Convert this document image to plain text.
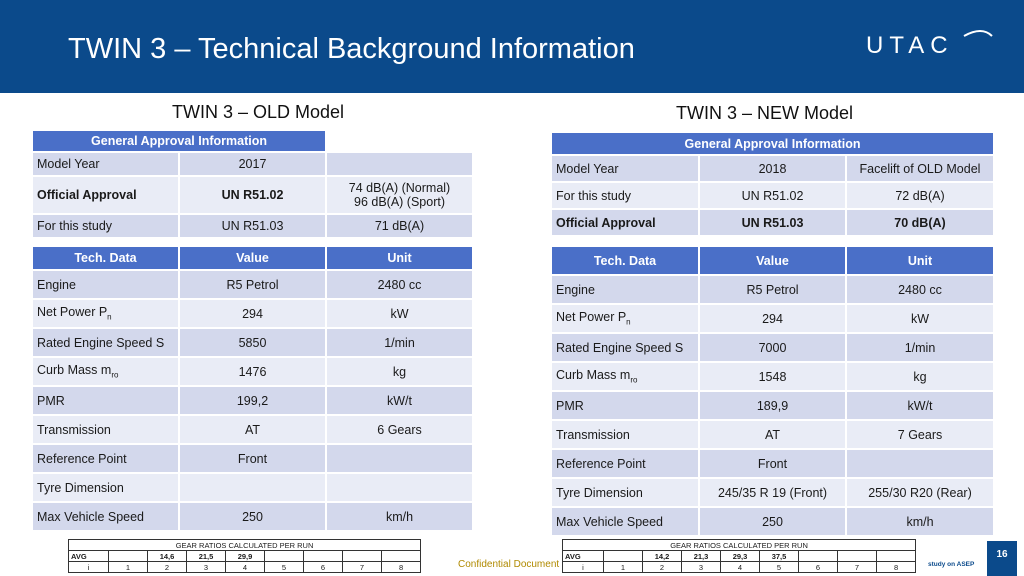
TWIN 3 – Technical Background Information	UTAC
TWIN 3 – OLD Model	TWIN 3 – NEW Model
General Approval Information		
Model Year	2017	
Official Approval	UN R51.02	74 dB(A) (Normal)
96 dB(A) (Sport)

For this study	UN R51.03	71 dB(A)
Tech. Data	Value	Unit
Engine	R5 Petrol	2480 cc
Net Power $P_n$	294	kW
Rated Engine Speed S	5850	1/min
Curb Mass $m_{ro}$	1476	kg
PMR	199,2	kW/t
Transmission	AT	6 Gears
Reference Point	Front	
Tyre Dimension		
Max Vehicle Speed	250	km/h
General Approval Information		
Model Year	2018	Facelift of OLD Model
For this study	UN R51.02	72 dB(A)
Official Approval	UN R51.03	70 dB(A)
Tech. Data	Value	Unit
Engine	R5 Petrol	2480 cc
Net Power $P_n$	294	kW
Rated Engine Speed S	7000	1/min
Curb Mass $m_{ro}$	1548	kg
PMR	189,9	kW/t
Transmission	AT	7 Gears
Reference Point	Front	
Tyre Dimension	245/35 R 19 (Front)	255/30 R20 (Rear)
Max Vehicle Speed	250	km/h
GEAR RATIOS CALCULATED PER RUN								
AVG		14,6	21,5	29,9				
i	1	2	3	4	5	6	7	8
GEAR RATIOS CALCULATED PER RUN								
AVG		14,2	21,3	29,3	37,5			
i	1	2	3	4	5	6	7	8
Confidential Document	study on ASEP
16
